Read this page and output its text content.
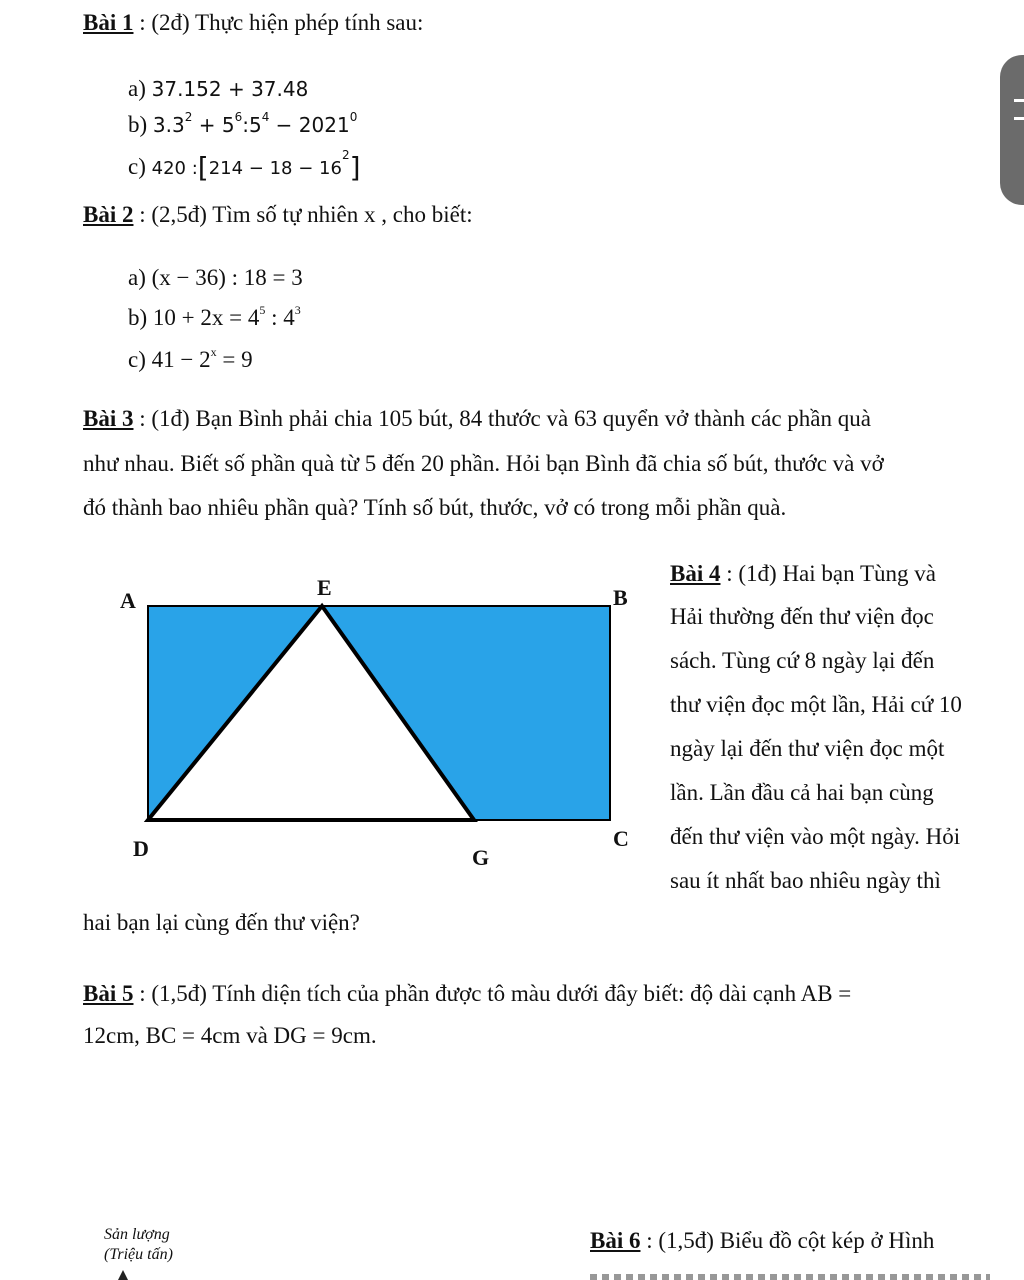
Bài 1 : (2đ) Thực hiện phép tính sau:
a) 37.152 + 37.48
b) $3.3^2$ + $5^6:5^4 - 2021^0$
c) 420 :[214 − $18 - 16^2$]
Bài 2 : (2,5đ) Tìm số tự nhiên x , cho biết:
a) (x − 36) : 18 = 3
b) $10 + 2x = 4^5$ : $4^3$
c) $41 - 2^x = 9$
Bài 3 : (1đ) Bạn Bình phải chia 105 bút, 84 thước và 63 quyển vở thành các phần quà
như nhau. Biết số phần quà từ 5 đến 20 phần. Hỏi bạn Bình đã chia số bút, thước và vở
đó thành bao nhiêu phần quà? Tính số bút, thước, vở có trong mỗi phần quà.
A
E	B
D	G
C
Bài 4 : (1đ) Hai bạn Tùng và
Hải thường đến thư viện đọc
sách. Tùng cứ 8 ngày lại đến
thư viện đọc một lần, Hải cứ 10
ngày lại đến thư viện đọc một
lần. Lần đầu cả hai bạn cùng
đến thư viện vào một ngày. Hỏi
sau ít nhất bao nhiêu ngày thì
hai bạn lại cùng đến thư viện?
Bài 5 : (1,5đ) Tính diện tích của phần được tô màu dưới đây biết: độ dài cạnh AB =
12cm, BC = 4cm và DG = 9cm.
Sản lượng
(Triệu tấn)
Bài 6 : (1,5đ) Biểu đồ cột kép ở Hình
